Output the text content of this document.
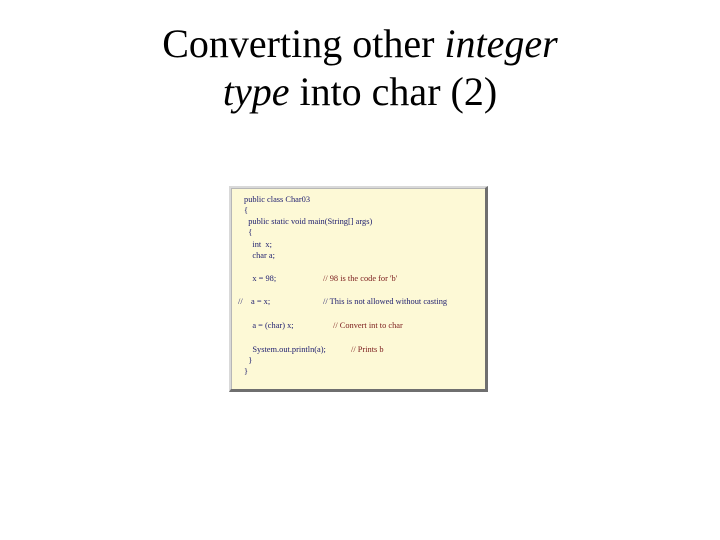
Converting other integer
type into char (2)
public class Char03
{
public static void main(String[] args)
{
int  x;
char a;
x = 98;	// 98 is the code for 'b'
//    a = x;	// This is not allowed without casting
a = (char) x;	// Convert int to char
System.out.println(a);	// Prints b
}
}
